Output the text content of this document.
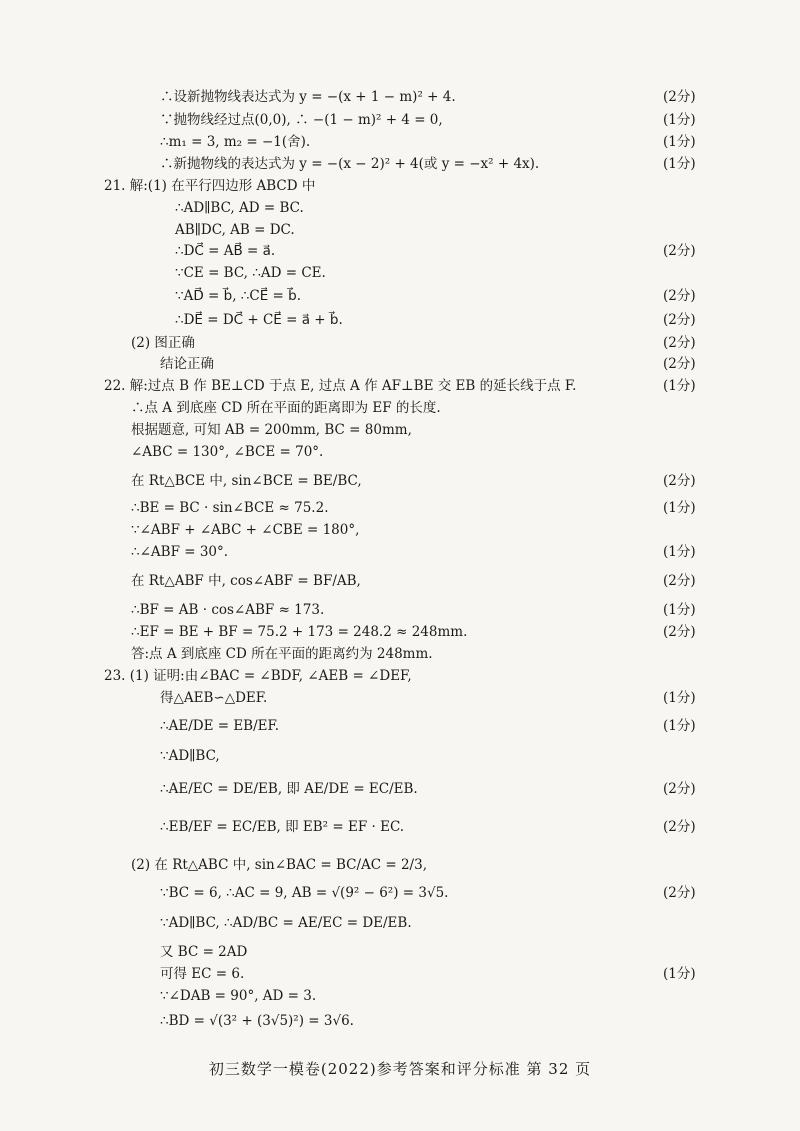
∴设新抛物线表达式为 y = −(x + 1 − m)² + 4.	(2分)
∵抛物线经过点(0,0), ∴ −(1 − m)² + 4 = 0,	(1分)
∴m₁ = 3, m₂ = −1(舍).	(1分)
∴新抛物线的表达式为 y = −(x − 2)² + 4(或 y = −x² + 4x).	(1分)
21. 解:(1) 在平行四边形 ABCD 中
∴AD∥BC, AD = BC.
AB∥DC, AB = DC.
∴DC⃗ = AB⃗ = a⃗.	(2分)
∵CE = BC, ∴AD = CE.
∵AD⃗ = b⃗, ∴CE⃗ = b⃗.	(2分)
∴DE⃗ = DC⃗ + CE⃗ = a⃗ + b⃗.	(2分)
(2) 图正确	(2分)
结论正确	(2分)
22. 解:过点 B 作 BE⊥CD 于点 E, 过点 A 作 AF⊥BE 交 EB 的延长线于点 F.	(1分)
∴点 A 到底座 CD 所在平面的距离即为 EF 的长度.
根据题意, 可知 AB = 200mm, BC = 80mm,
∠ABC = 130°, ∠BCE = 70°.
在 Rt△BCE 中, sin∠BCE = BE/BC,	(2分)
∴BE = BC · sin∠BCE ≈ 75.2.	(1分)
∵∠ABF + ∠ABC + ∠CBE = 180°,
∴∠ABF = 30°.	(1分)
在 Rt△ABF 中, cos∠ABF = BF/AB,	(2分)
∴BF = AB · cos∠ABF ≈ 173.	(1分)
∴EF = BE + BF = 75.2 + 173 = 248.2 ≈ 248mm.	(2分)
答:点 A 到底座 CD 所在平面的距离约为 248mm.
23. (1) 证明:由∠BAC = ∠BDF, ∠AEB = ∠DEF,
得△AEB∽△DEF.	(1分)
∴AE/DE = EB/EF.	(1分)
∵AD∥BC,
∴AE/EC = DE/EB, 即 AE/DE = EC/EB.	(2分)
∴EB/EF = EC/EB, 即 EB² = EF · EC.	(2分)
(2) 在 Rt△ABC 中, sin∠BAC = BC/AC = 2/3,
∵BC = 6, ∴AC = 9, AB = √(9² − 6²) = 3√5.	(2分)
∵AD∥BC, ∴AD/BC = AE/EC = DE/EB.
又 BC = 2AD
可得 EC = 6.	(1分)
∵∠DAB = 90°, AD = 3.
∴BD = √(3² + (3√5)²) = 3√6.
初三数学一模卷(2022)参考答案和评分标准 第 32 页
